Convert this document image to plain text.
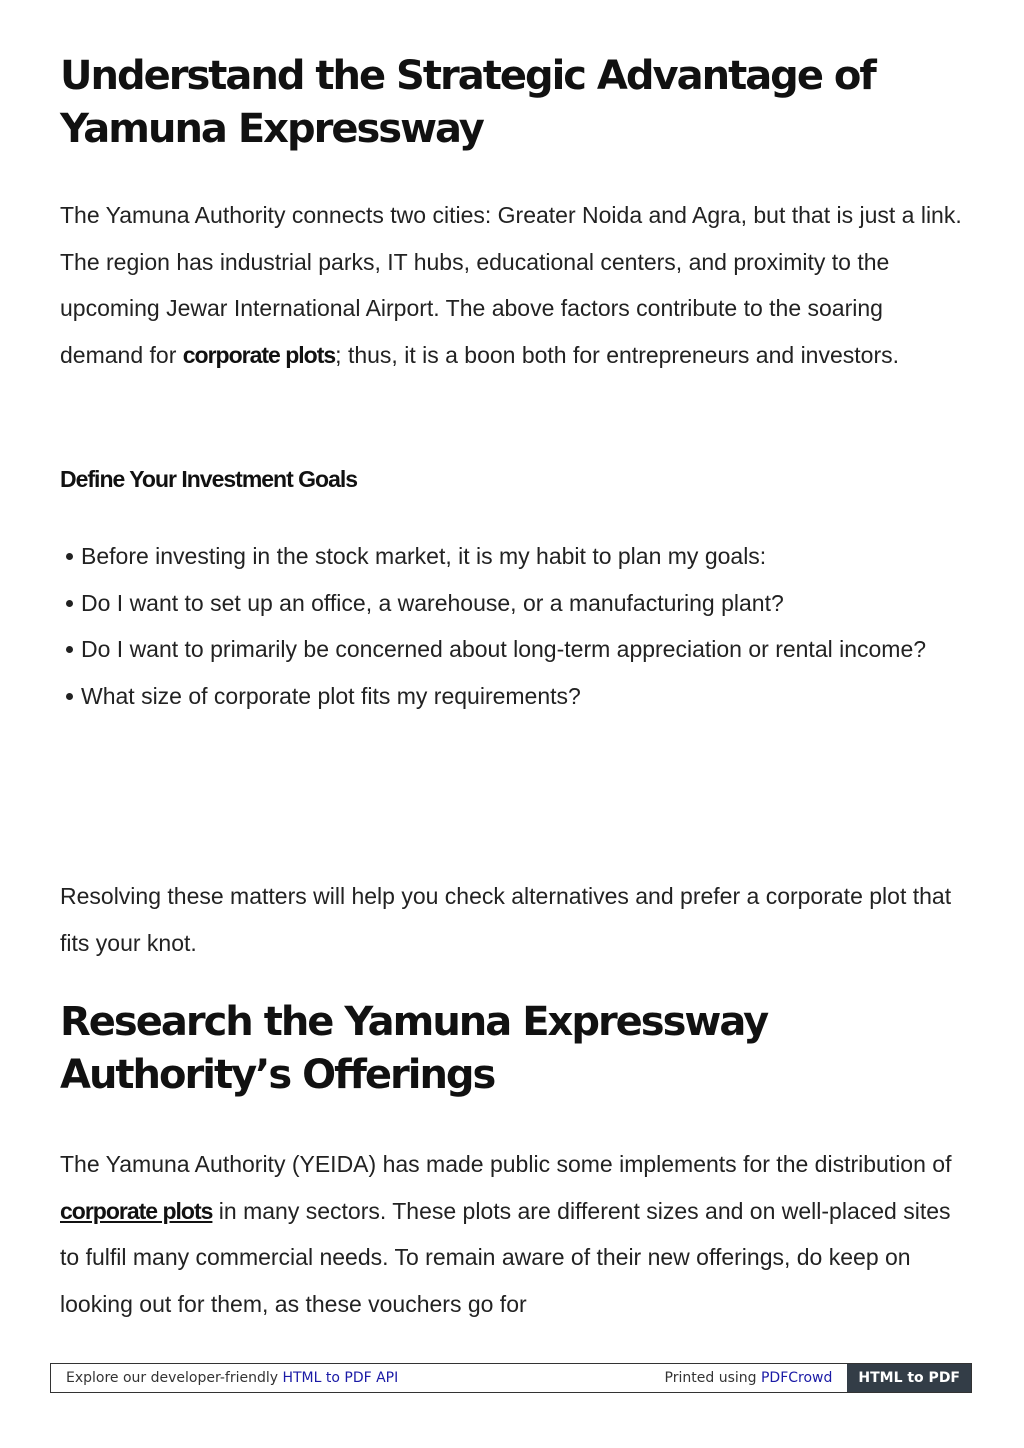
Understand the Strategic Advantage of Yamuna Expressway

The Yamuna Authority connects two cities: Greater Noida and Agra, but that is just a link. The region has industrial parks, IT hubs, educational centers, and proximity to the upcoming Jewar International Airport. The above factors contribute to the soaring demand for corporate plots; thus, it is a boon both for entrepreneurs and investors.

Define Your Investment Goals
Before investing in the stock market, it is my habit to plan my goals:
Do I want to set up an office, a warehouse, or a manufacturing plant?
Do I want to primarily be concerned about long-term appreciation or rental income?
What size of corporate plot fits my requirements?

Resolving these matters will help you check alternatives and prefer a corporate plot that fits your knot.

Research the Yamuna Expressway Authority’s Offerings

The Yamuna Authority (YEIDA) has made public some implements for the distribution of corporate plots in many sectors. These plots are different sizes and on well-placed sites to fulfil many commercial needs. To remain aware of their new offerings, do keep on looking out for them, as these vouchers go for

Explore our developer-friendly HTML to PDF API	Printed using PDFCrowd	HTML to PDF
